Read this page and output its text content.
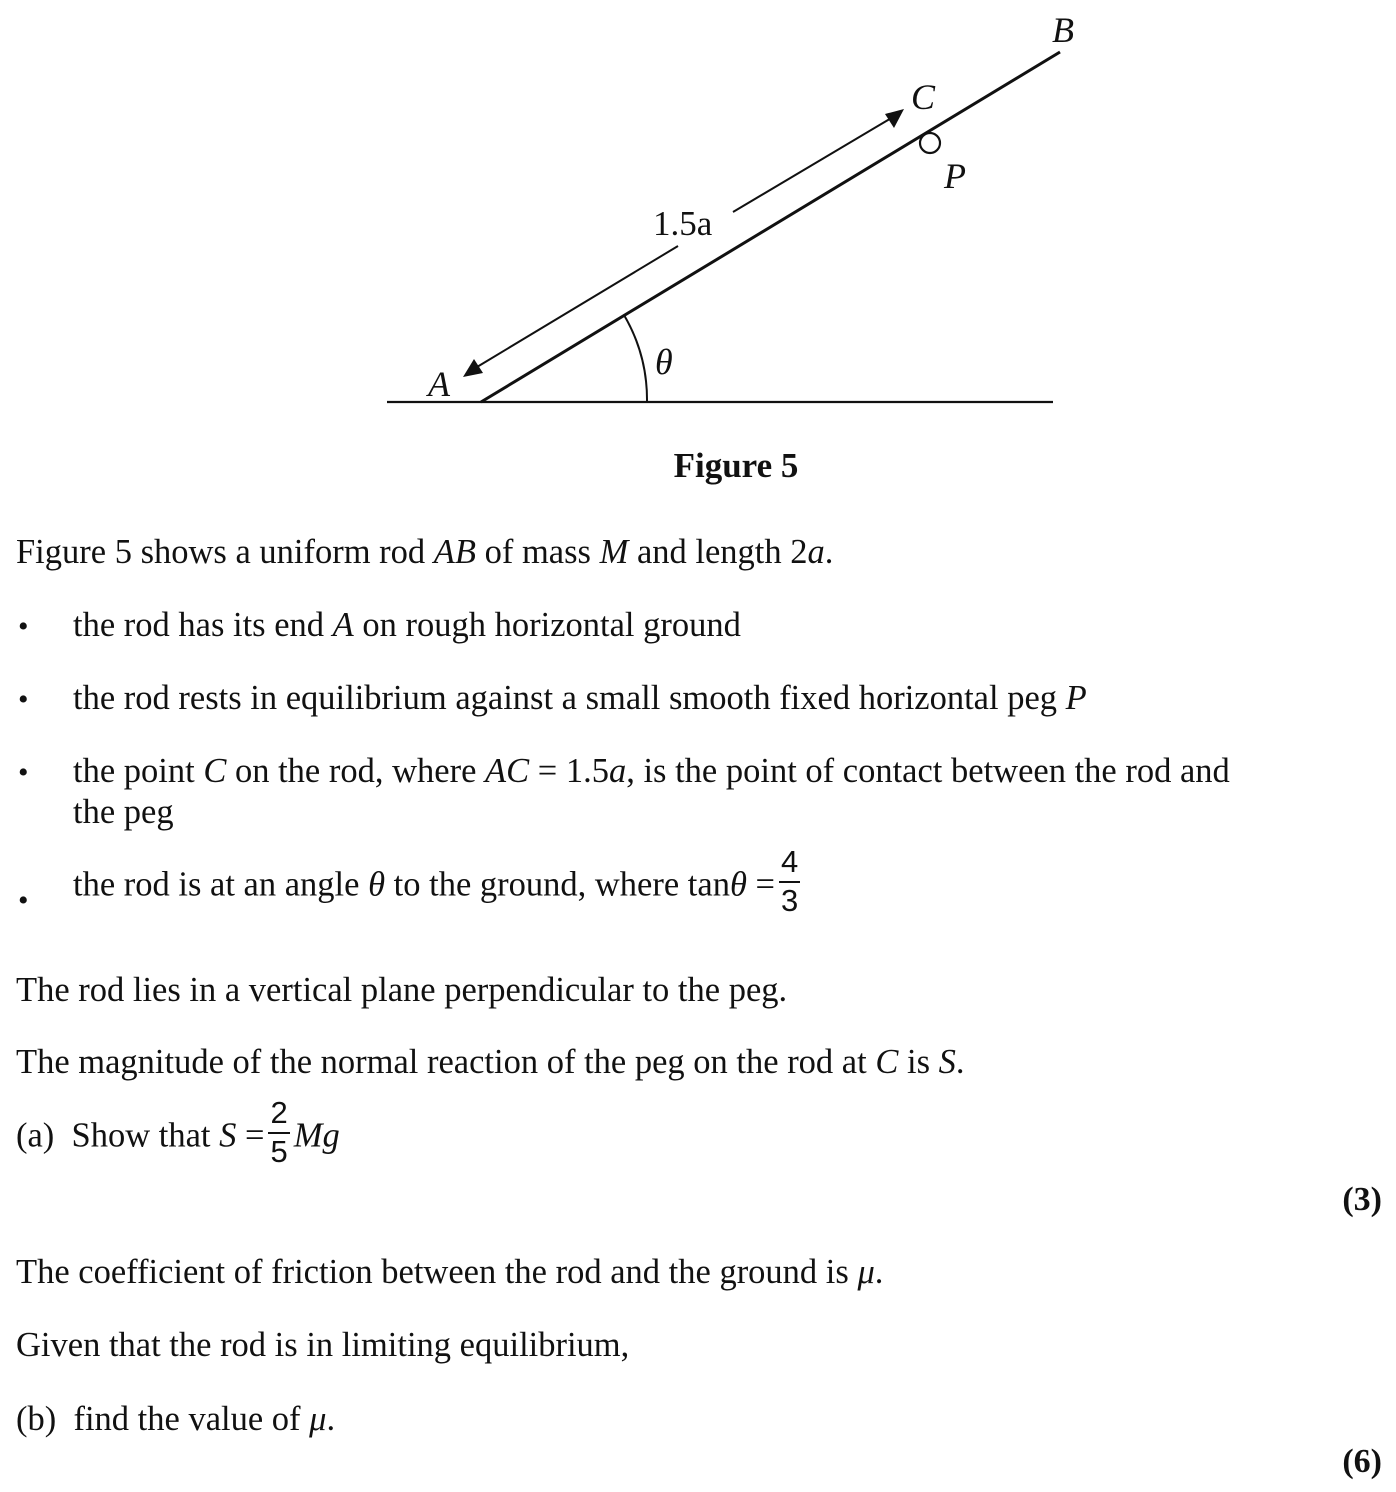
B
C
P
A
θ
1.5a
Figure 5
Figure 5 shows a uniform rod AB of mass M and length 2a.
• the rod has its end A on rough horizontal ground
• the rod rests in equilibrium against a small smooth fixed horizontal peg P
• the point C on the rod, where AC = 1.5a, is the point of contact between the rod and
the peg
• the rod is at an angle θ to the ground, where $\tan\theta = \frac{4}{3}$
The rod lies in a vertical plane perpendicular to the peg.
The magnitude of the normal reaction of the peg on the rod at C is S.
(a) Show that $S = \frac{2}{5}$ Mg
(3)
The coefficient of friction between the rod and the ground is μ.
Given that the rod is in limiting equilibrium,
(b) find the value of μ.
(6)
